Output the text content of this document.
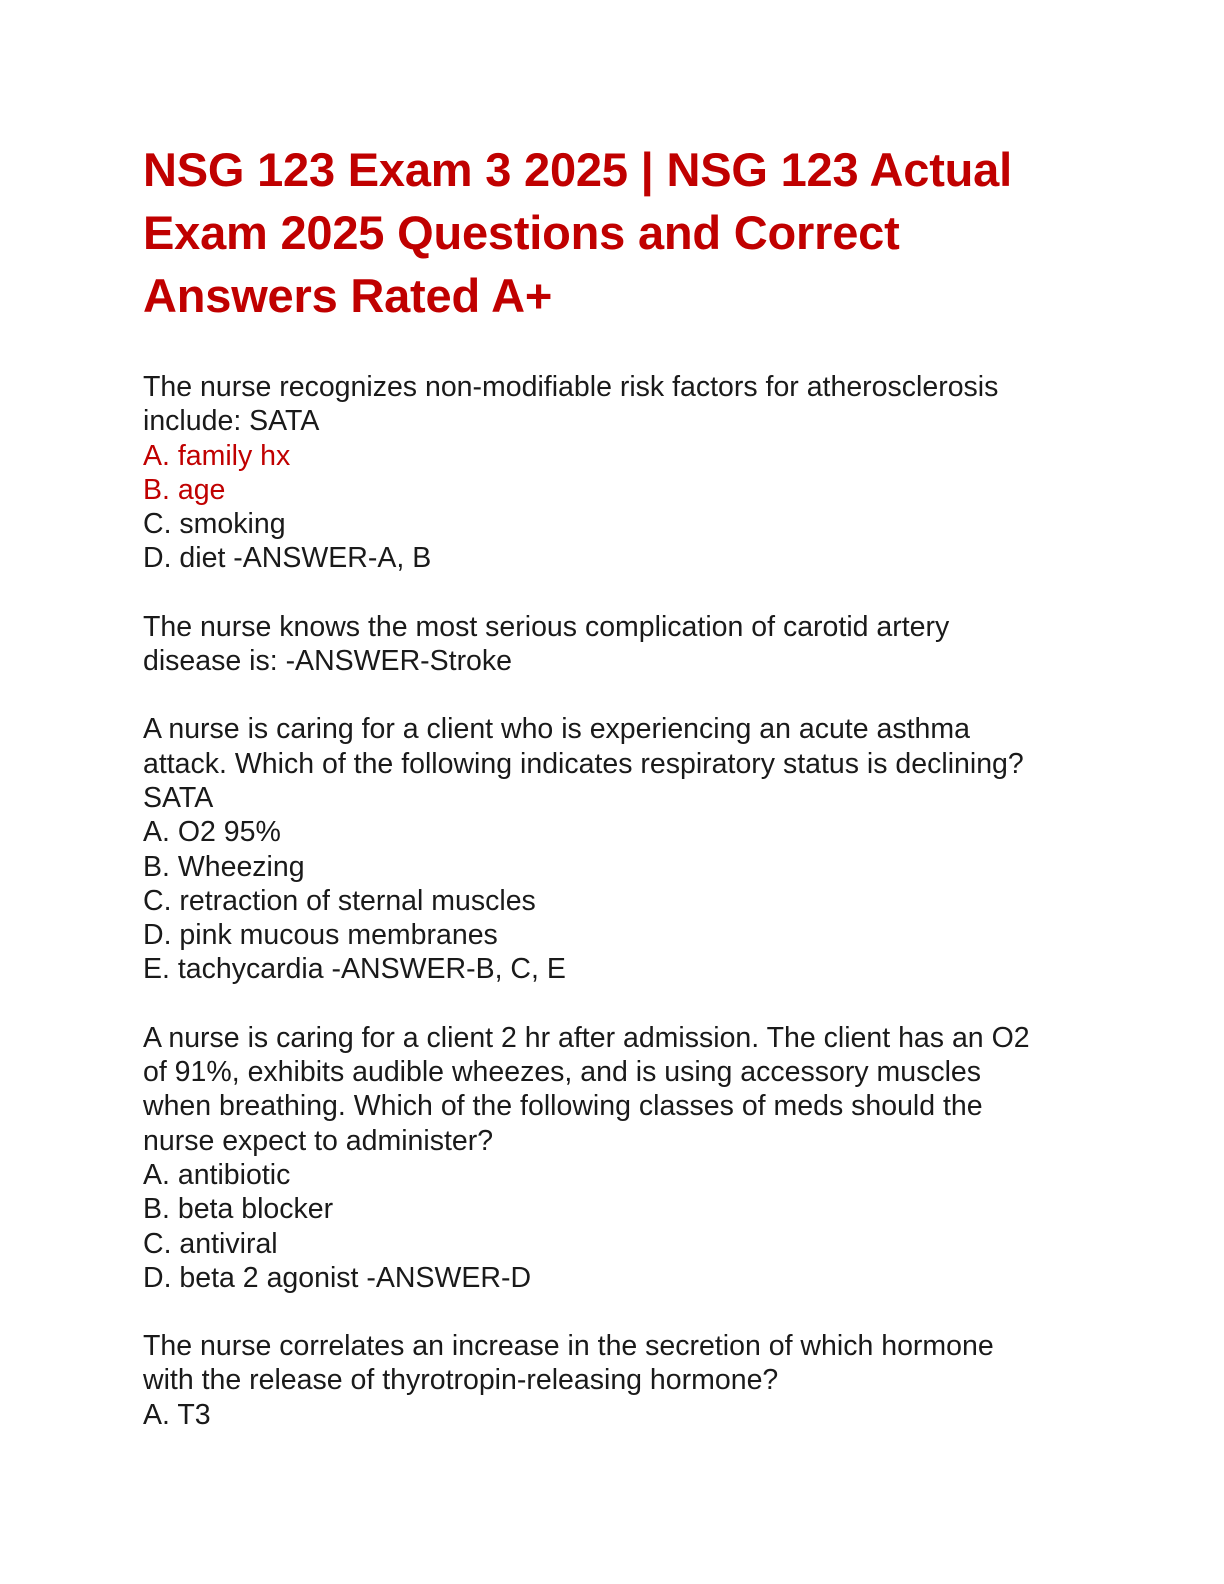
NSG 123 Exam 3 2025 | NSG 123 Actual Exam 2025 Questions and Correct Answers Rated A+
The nurse recognizes non-modifiable risk factors for atherosclerosis
include: SATA
A. family hx
B. age
C. smoking
D. diet -ANSWER-A, B
The nurse knows the most serious complication of carotid artery
disease is: -ANSWER-Stroke
A nurse is caring for a client who is experiencing an acute asthma
attack. Which of the following indicates respiratory status is declining?
SATA
A. O2 95%
B. Wheezing
C. retraction of sternal muscles
D. pink mucous membranes
E. tachycardia -ANSWER-B, C, E
A nurse is caring for a client 2 hr after admission. The client has an O2
of 91%, exhibits audible wheezes, and is using accessory muscles
when breathing. Which of the following classes of meds should the
nurse expect to administer?
A. antibiotic
B. beta blocker
C. antiviral
D. beta 2 agonist -ANSWER-D
The nurse correlates an increase in the secretion of which hormone
with the release of thyrotropin-releasing hormone?
A. T3
